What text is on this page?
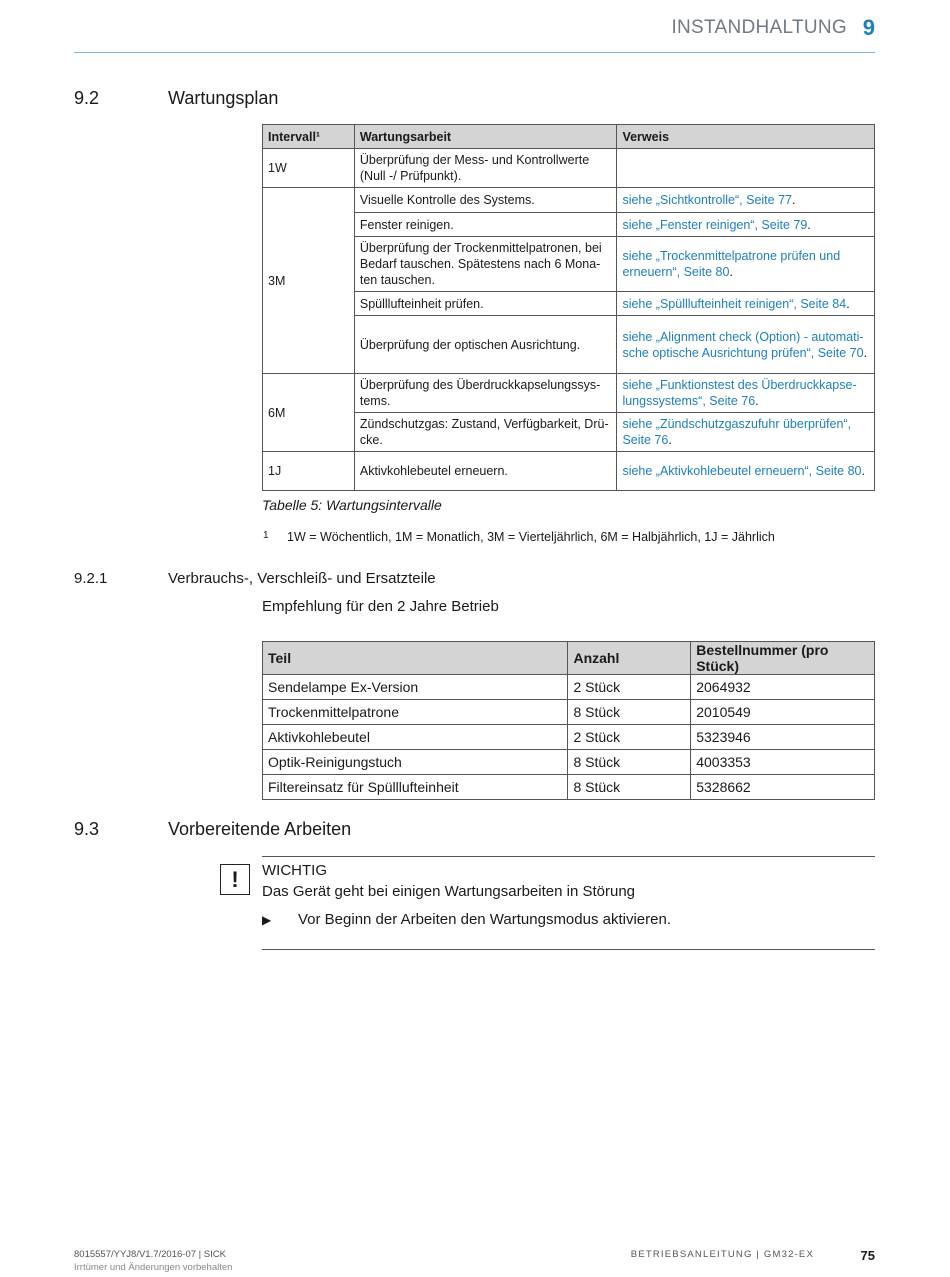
INSTANDHALTUNG 9
9.2	Wartungsplan
Intervall¹	Wartungsarbeit	Verweis
1W	Überprüfung der Mess- und Kontrollwerte (Null -/ Prüfpunkt).	
3M	Visuelle Kontrolle des Systems.	siehe „Sichtkontrolle“, Seite 77.
	Fenster reinigen.	siehe „Fenster reinigen“, Seite 79.
	Überprüfung der Trockenmittelpatronen, bei Bedarf tauschen. Spätestens nach 6 Mona-ten tauschen.	siehe „Trockenmittelpatrone prüfen und erneuern“, Seite 80.
	Spülllufteinheit prüfen.	siehe „Spülllufteinheit reinigen“, Seite 84.
	Überprüfung der optischen Ausrichtung.	siehe „Alignment check (Option) - automati-sche optische Ausrichtung prüfen“, Seite 70.
6M	Überprüfung des Überdruckkapselungssys-tems.	siehe „Funktionstest des Überdruckkapse-lungssystems“, Seite 76.
	Zündschutzgas: Zustand, Verfügbarkeit, Drü-cke.	siehe „Zündschutzgaszufuhr überprüfen“, Seite 76.
1J	Aktivkohlebeutel erneuern.	siehe „Aktivkohlebeutel erneuern“, Seite 80.
Tabelle 5: Wartungsintervalle
1 1W = Wöchentlich, 1M = Monatlich, 3M = Vierteljährlich, 6M = Halbjährlich, 1J = Jährlich
9.2.1	Verbrauchs-, Verschleiß- und Ersatzteile
Empfehlung für den 2 Jahre Betrieb
Teil	Anzahl	Bestellnummer (pro Stück)
Sendelampe Ex-Version	2 Stück	2064932
Trockenmittelpatrone	8 Stück	2010549
Aktivkohlebeutel	2 Stück	5323946
Optik-Reinigungstuch	8 Stück	4003353
Filtereinsatz für Spülllufteinheit	8 Stück	5328662
9.3	Vorbereitende Arbeiten
!	WICHTIG
Das Gerät geht bei einigen Wartungsarbeiten in Störung
▶ Vor Beginn der Arbeiten den Wartungsmodus aktivieren.
8015557/YYJ8/V1.7/2016-07 | SICK
Irrtümer und Änderungen vorbehalten
BETRIEBSANLEITUNG | GM32-EX	75
